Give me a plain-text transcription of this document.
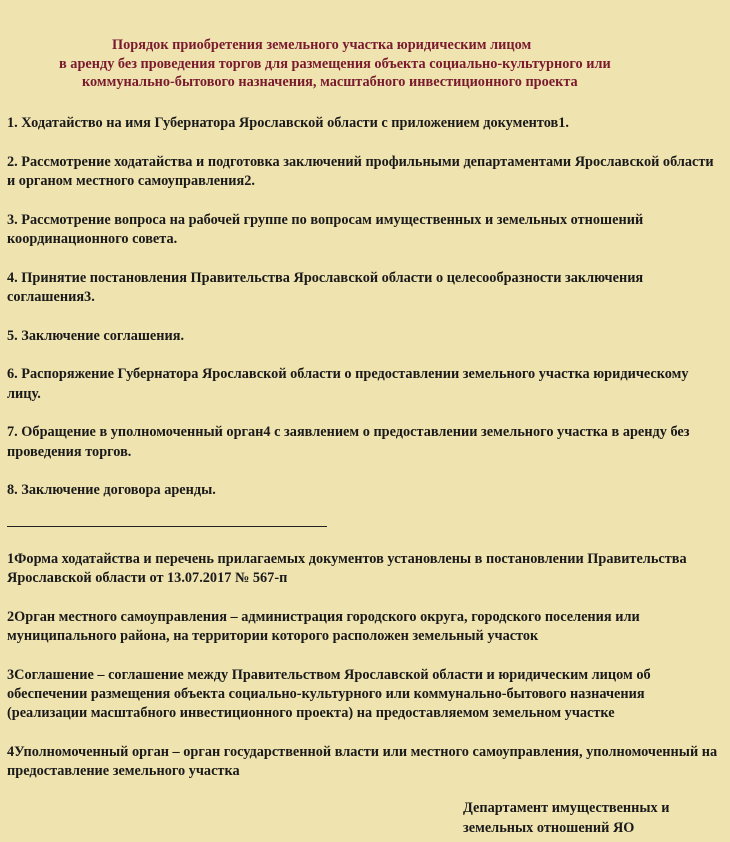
Порядок приобретения земельного участка юридическим лицом
в аренду без проведения торгов для размещения объекта социально-культурного или
коммунально-бытового назначения, масштабного инвестиционного проекта

1. Ходатайство на имя Губернатора Ярославской области с приложением документов1.

2. Рассмотрение ходатайства и подготовка заключений профильными департаментами Ярославской области и органом местного самоуправления2.

3. Рассмотрение вопроса на рабочей группе по вопросам имущественных и земельных отношений координационного совета.

4. Принятие постановления Правительства Ярославской области о целесообразности заключения соглашения3.

5. Заключение соглашения.

6. Распоряжение Губернатора Ярославской области о предоставлении земельного участка юридическому лицу.

7. Обращение в уполномоченный орган4 с заявлением о предоставлении земельного участка в аренду без проведения торгов.

8. Заключение договора аренды.

1Форма ходатайства и перечень прилагаемых документов установлены в постановлении Правительства Ярославской области от 13.07.2017 № 567-п

2Орган местного самоуправления – администрация городского округа, городского поселения или муниципального района, на территории которого расположен земельный участок

3Соглашение – соглашение между Правительством Ярославской области и юридическим лицом об обеспечении размещения объекта социально-культурного или коммунально-бытового назначения (реализации масштабного инвестиционного проекта) на предоставляемом земельном участке

4Уполномоченный орган – орган государственной власти или местного самоуправления, уполномоченный на предоставление земельного участка

Департамент имущественных и
земельных отношений ЯО
